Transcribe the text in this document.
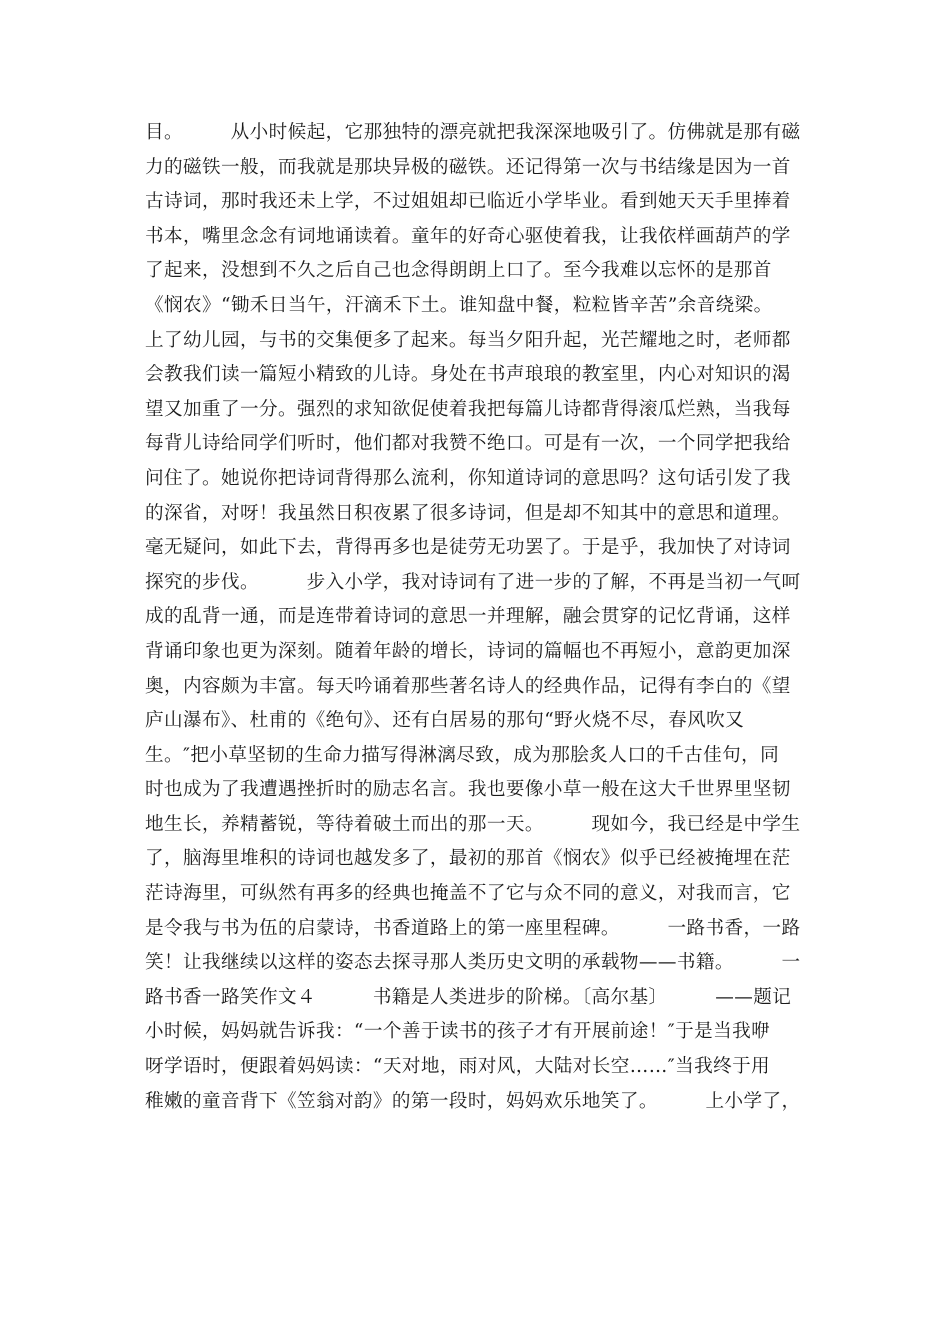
目。　　　从小时候起，它那独特的漂亮就把我深深地吸引了。仿佛就是那有磁
力的磁铁一般，而我就是那块异极的磁铁。还记得第一次与书结缘是因为一首
古诗词，那时我还未上学，不过姐姐却已临近小学毕业。看到她天天手里捧着
书本，嘴里念念有词地诵读着。童年的好奇心驱使着我，让我依样画葫芦的学
了起来，没想到不久之后自己也念得朗朗上口了。至今我难以忘怀的是那首
《悯农》“锄禾日当午，汗滴禾下土。谁知盘中餐，粒粒皆辛苦”余音绕梁。
上了幼儿园，与书的交集便多了起来。每当夕阳升起，光芒耀地之时，老师都
会教我们读一篇短小精致的儿诗。身处在书声琅琅的教室里，内心对知识的渴
望又加重了一分。强烈的求知欲促使着我把每篇儿诗都背得滚瓜烂熟，当我每
每背儿诗给同学们听时，他们都对我赞不绝口。可是有一次，一个同学把我给
问住了。她说你把诗词背得那么流利，你知道诗词的意思吗？这句话引发了我
的深省，对呀！我虽然日积夜累了很多诗词，但是却不知其中的意思和道理。
毫无疑问，如此下去，背得再多也是徒劳无功罢了。于是乎，我加快了对诗词
探究的步伐。　　　步入小学，我对诗词有了进一步的了解，不再是当初一气呵
成的乱背一通，而是连带着诗词的意思一并理解，融会贯穿的记忆背诵，这样
背诵印象也更为深刻。随着年龄的增长，诗词的篇幅也不再短小，意韵更加深
奥，内容颇为丰富。每天吟诵着那些著名诗人的经典作品，记得有李白的《望
庐山瀑布》、杜甫的《绝句》、还有白居易的那句“野火烧不尽，春风吹又
生。″把小草坚韧的生命力描写得淋漓尽致，成为那脍炙人口的千古佳句，同
时也成为了我遭遇挫折时的励志名言。我也要像小草一般在这大千世界里坚韧
地生长，养精蓄锐，等待着破土而出的那一天。　　　现如今，我已经是中学生
了，脑海里堆积的诗词也越发多了，最初的那首《悯农》似乎已经被掩埋在茫
茫诗海里，可纵然有再多的经典也掩盖不了它与众不同的意义，对我而言，它
是令我与书为伍的启蒙诗，书香道路上的第一座里程碑。　　　一路书香，一路
笑！让我继续以这样的姿态去探寻那人类历史文明的承载物——书籍。　　　一
路书香一路笑作文４　　　书籍是人类进步的阶梯。〔高尔基〕　　　——题记
小时候，妈妈就告诉我：“一个善于读书的孩子才有开展前途！″于是当我咿
呀学语时，便跟着妈妈读：“天对地，雨对风，大陆对长空……″当我终于用
稚嫩的童音背下《笠翁对韵》的第一段时，妈妈欢乐地笑了。　　　上小学了，
